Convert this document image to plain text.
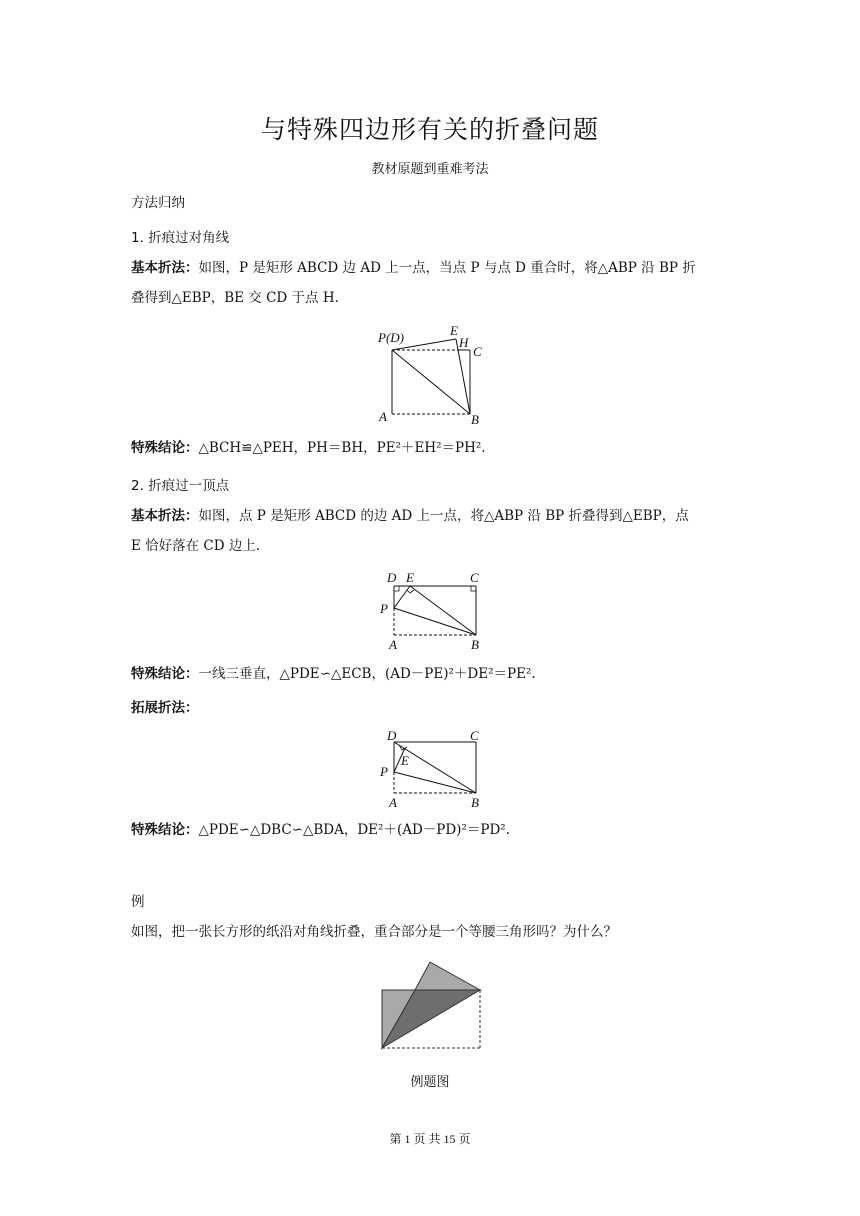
与特殊四边形有关的折叠问题
教材原题到重难考法
方法归纳
1. 折痕过对角线
基本折法：如图，P 是矩形 ABCD 边 AD 上一点，当点 P 与点 D 重合时，将△ABP 沿 BP 折
叠得到△EBP，BE 交 CD 于点 H.
P(D)	E
H
C
A	B
特殊结论：△BCH≌△PEH，PH＝BH，PE²＋EH²＝PH².
2. 折痕过一顶点
基本折法：如图，点 P 是矩形 ABCD 的边 AD 上一点，将△ABP 沿 BP 折叠得到△EBP，点
E 恰好落在 CD 边上.
D E	C
P
A	B
特殊结论：一线三垂直，△PDE∽△ECB，(AD－PE)²＋DE²＝PE².
拓展折法：
D	C
E
P
A	B
特殊结论：△PDE∽△DBC∽△BDA，DE²＋(AD－PD)²＝PD².
例
如图，把一张长方形的纸沿对角线折叠，重合部分是一个等腰三角形吗？为什么？
例题图
第 1 页 共 15 页
